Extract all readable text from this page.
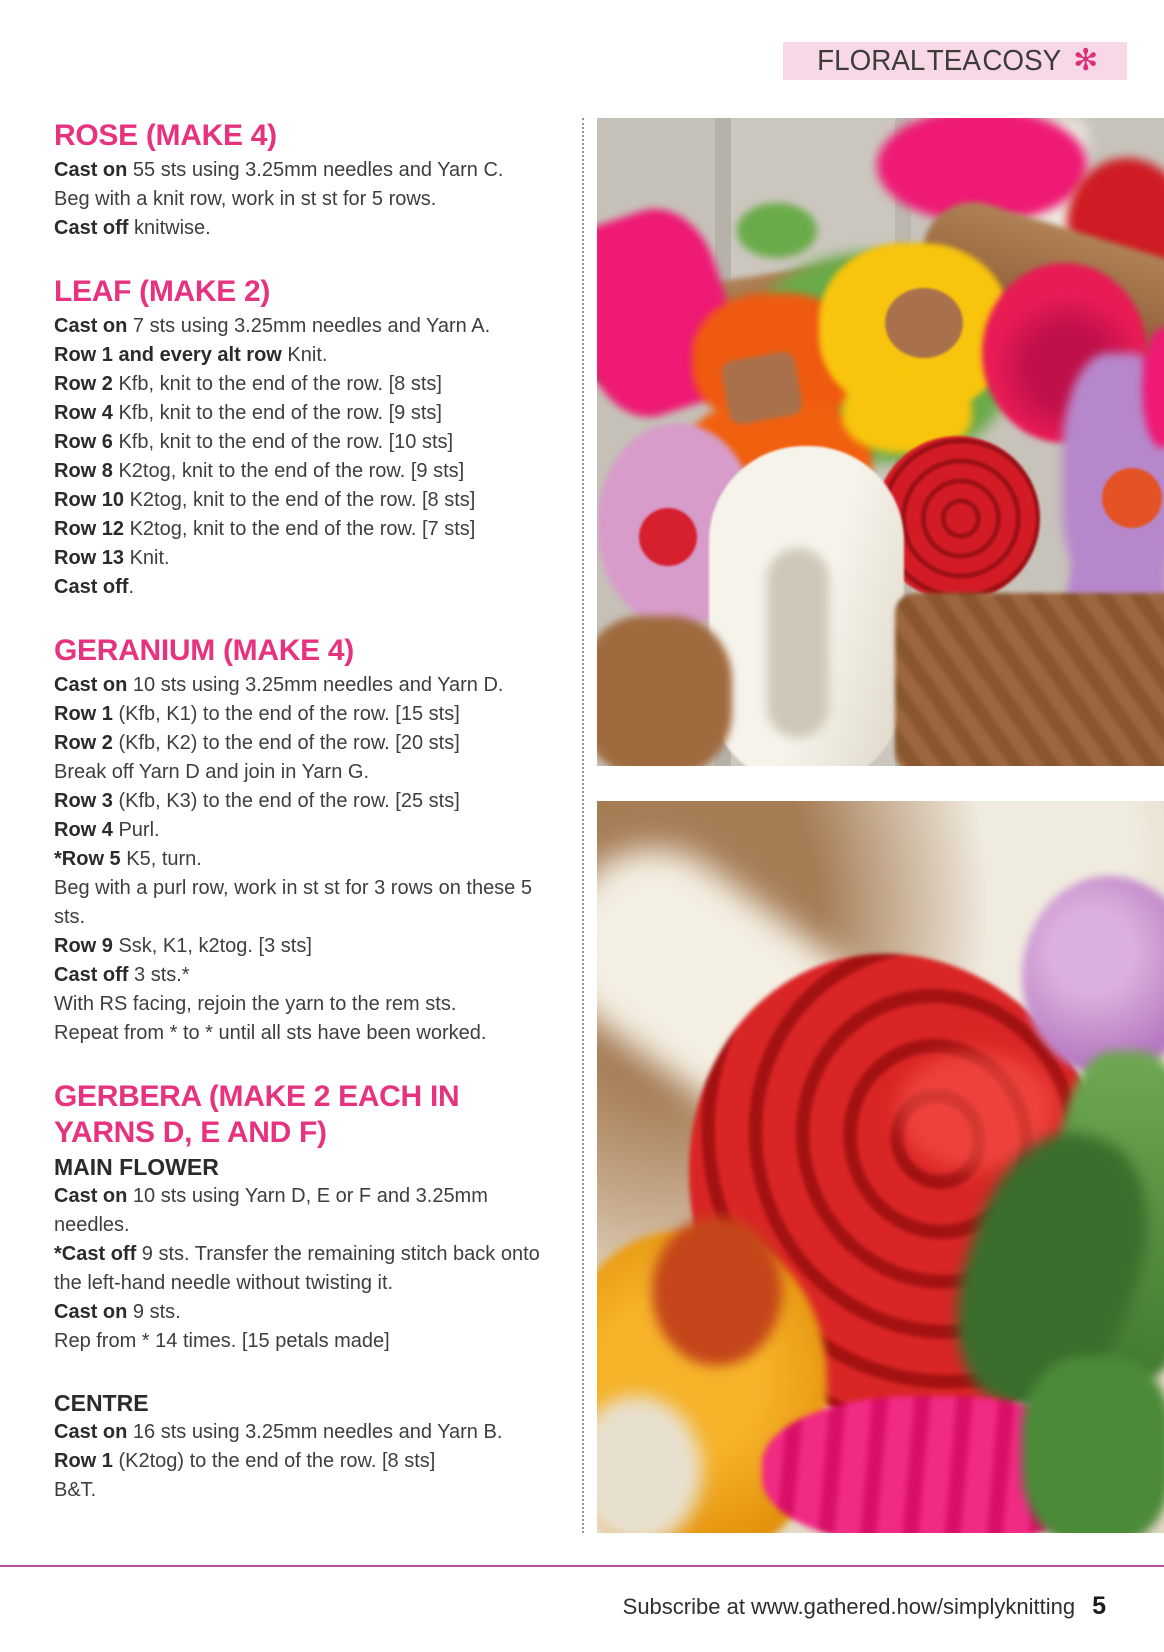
FLORAL TEA COSY ✻
ROSE (MAKE 4)

Cast on 55 sts using 3.25mm needles and Yarn C.

Beg with a knit row, work in st st for 5 rows.

Cast off knitwise.

LEAF (MAKE 2)

Cast on 7 sts using 3.25mm needles and Yarn A.

Row 1 and every alt row Knit.

Row 2 Kfb, knit to the end of the row. [8 sts]

Row 4 Kfb, knit to the end of the row. [9 sts]

Row 6 Kfb, knit to the end of the row. [10 sts]

Row 8 K2tog, knit to the end of the row. [9 sts]

Row 10 K2tog, knit to the end of the row. [8 sts]

Row 12 K2tog, knit to the end of the row. [7 sts]

Row 13 Knit.

Cast off.

GERANIUM (MAKE 4)

Cast on 10 sts using 3.25mm needles and Yarn D.

Row 1 (Kfb, K1) to the end of the row. [15 sts]

Row 2 (Kfb, K2) to the end of the row. [20 sts]

Break off Yarn D and join in Yarn G.

Row 3 (Kfb, K3) to the end of the row. [25 sts]

Row 4 Purl.

*Row 5 K5, turn.

Beg with a purl row, work in st st for 3 rows on these 5 sts.

Row 9 Ssk, K1, k2tog. [3 sts]

Cast off 3 sts.*

With RS facing, rejoin the yarn to the rem sts.

Repeat from * to * until all sts have been worked.

GERBERA (MAKE 2 EACH IN
YARNS D, E AND F)
MAIN FLOWER

Cast on 10 sts using Yarn D, E or F and 3.25mm needles.

*Cast off 9 sts. Transfer the remaining stitch back onto the left-hand needle without twisting it.

Cast on 9 sts.

Rep from * 14 times. [15 petals made]

CENTRE

Cast on 16 sts using 3.25mm needles and Yarn B.

Row 1 (K2tog) to the end of the row. [8 sts]

B&T.

Subscribe at www.gathered.how/simplyknitting 5
